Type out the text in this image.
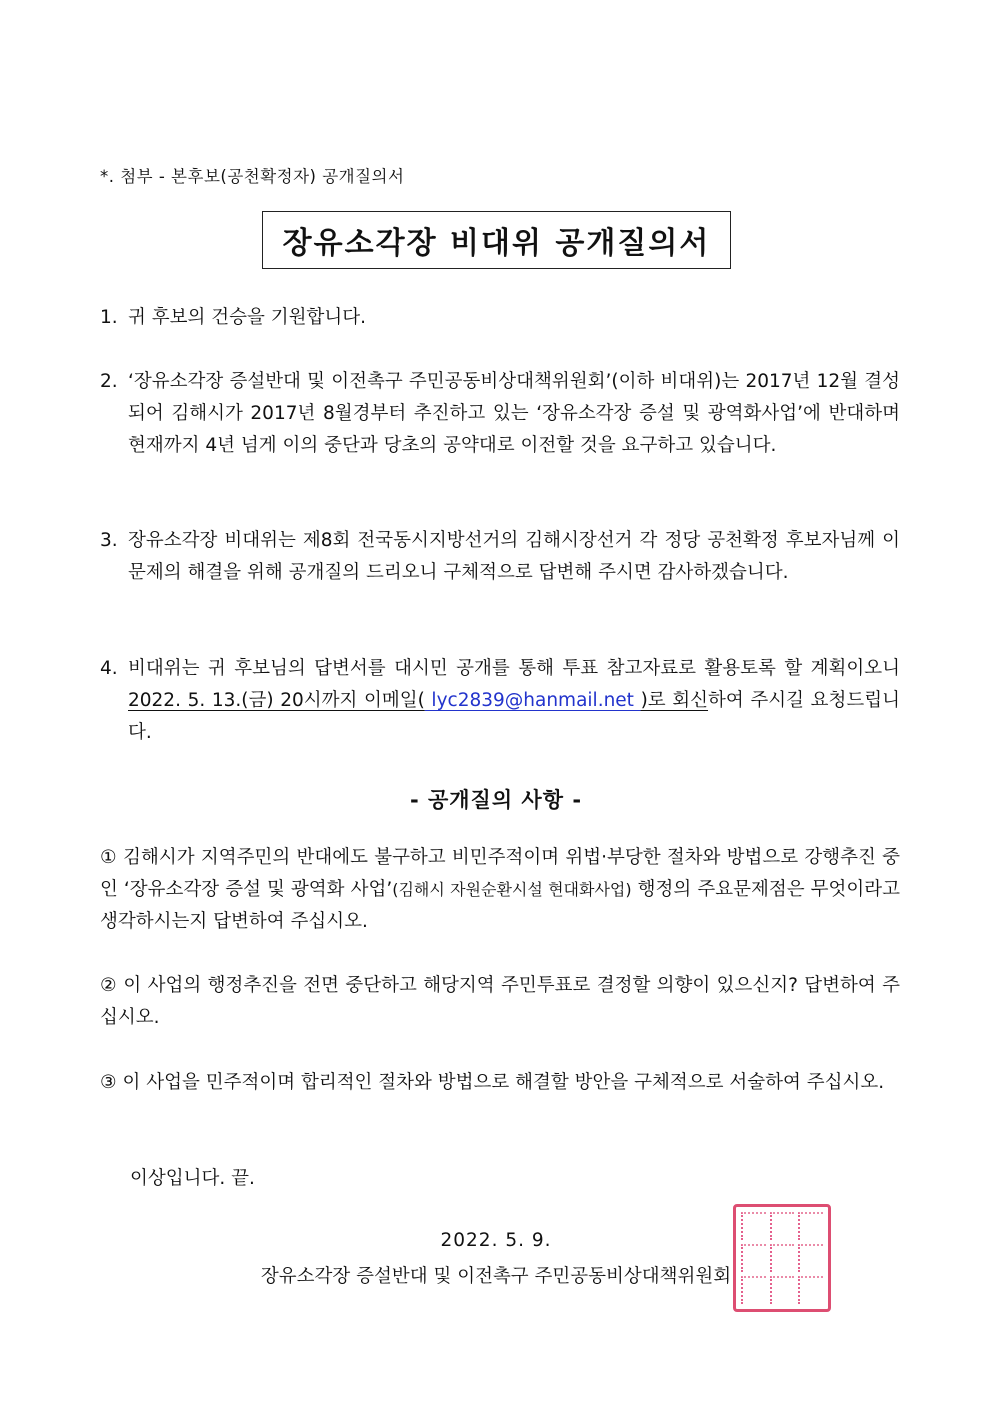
*. 첨부 - 본후보(공천확정자) 공개질의서
장유소각장 비대위 공개질의서
1. 귀 후보의 건승을 기원합니다.
2. ‘장유소각장 증설반대 및 이전촉구 주민공동비상대책위원회’(이하 비대위)는 2017년 12월 결성되어 김해시가 2017년 8월경부터 추진하고 있는 ‘장유소각장 증설 및 광역화사업’에 반대하며 현재까지 4년 넘게 이의 중단과 당초의 공약대로 이전할 것을 요구하고 있습니다.
3. 장유소각장 비대위는 제8회 전국동시지방선거의 김해시장선거 각 정당 공천확정 후보자님께 이 문제의 해결을 위해 공개질의 드리오니 구체적으로 답변해 주시면 감사하겠습니다.
4. 비대위는 귀 후보님의 답변서를 대시민 공개를 통해 투표 참고자료로 활용토록 할 계획이오니 2022. 5. 13.(금) 20시까지 이메일( lyc2839@hanmail.net )로 회신하여 주시길 요청드립니다.
- 공개질의 사항 -
① 김해시가 지역주민의 반대에도 불구하고 비민주적이며 위법·부당한 절차와 방법으로 강행추진 중인 ‘장유소각장 증설 및 광역화 사업’(김해시 자원순환시설 현대화사업) 행정의 주요문제점은 무엇이라고 생각하시는지 답변하여 주십시오.
② 이 사업의 행정추진을 전면 중단하고 해당지역 주민투표로 결정할 의향이 있으신지? 답변하여 주십시오.
③ 이 사업을 민주적이며 합리적인 절차와 방법으로 해결할 방안을 구체적으로 서술하여 주십시오.
이상입니다. 끝.
2022. 5. 9.
장유소각장 증설반대 및 이전촉구 주민공동비상대책위원회
